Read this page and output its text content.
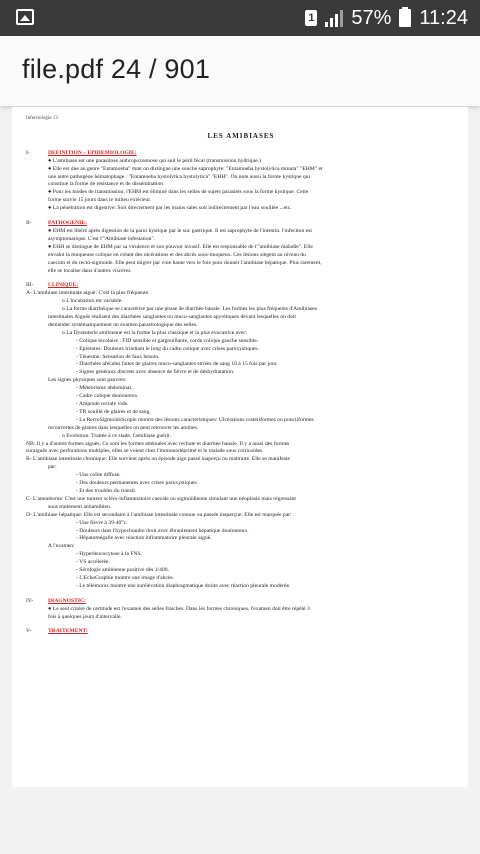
1 57% 11:24
file.pdf 24 / 901
Infectiologie 13
LES AMIBIASES
I-	DEFINITION – EPIDEMIOLOGIE:

● L'amibiase est une parasitose anthropozoonose qui suit le péril fécal (transmission hydrique.)

● Elle est due au genre "Entamoeba" dont on distingue une souche saprophyte: "Entamoeba hystolytica minuta" "EHM" et

une autre pathogène hématophage : "Entamoeba hystolytica hystolytica" "EHH". On note aussi la forme kystique qui

constitue la forme de résistance et de dissémination

● Pour les modes de transmission, l'EHM est éliminé dans les selles de sujets parasités sous la forme kystique. Cette

forme survie 15 jours dans le milieu extérieur.

● La pénétration est digestive: Soit directement par les mains sales soit indirectement par l'eau souillée ...etc.

II-	PATHOGENIE:

● EHM est libéré après digestion de la paroi kystique par le suc gastrique. Il est saprophyte de l'intestin. l'infection est

asymptomatique. C'est l'"Amibiase infestation".

● EHH se distingue de EHM par sa virulence et son pouvoir invasif. Elle est responsable de l'"amibiase maladie". Elle

envahit la muqueuse colique en créant des ulcérations et des abcès sous-muqueux. Ces lésions siègent au niveau du

caecum et du recto-sigmoïde. Elle peut migrer par voie haute vers le foie pour donner l'amibiase hépatique. Plus rarement,

elle se localise dans d'autres viscères.

III-	CLINIQUE:

A- L'amibiase intestinale aiguë: C'est la plus fréquente.

o L'incubation est variable.

o La forme diarrhéique se caractérise par une phase de diarrhée banale. Les formes les plus fréquents d'Amibiases

intestinales Aiguës réalisent des diarrhées sanglantes ou muco-sanglantes apyrétiques devant lesquelles on doit

demander systématiquement un examen parasitologique des selles.

o La Dysenterie amibienne est la forme la plus classique et la plus évocatrice avec:

- Colique bicolaire : FID sensible et gargouillante, corde colique gauche sensible.

- Epreintes: Douleurs irradiant le long du cadre colique avec crises paroxystiques.

- Ténesme: Sensation de faux besoin.

- Diarrhées afécales faites de glaires muco-sanglantes striées de sang 10 à 15 fois par jour.

- Signes généraux discrets avec absence de fièvre et de déshydratation.

Les signes physiques sont pauvres:

- Météorisme abdominal.

- Cadre colique douloureux.

- Ampoule rectale vide.

- TR souillé de glaires et de sang.

- La RectoSigmoïdoScopie montre des lésions caractéristiques: Ulcérations cratériformes ou punctiformes

recouvertes de glaires dans lesquelles on peut retrouver les amibes.

o Evolution: Traitée à ce stade, l'amibiase guérit.

NB: Il y a d'autres formes aiguës; Ce sont les formes atténuées avec rechute et diarrhée banale. Il y a aussi des formes

suraiguës avec perforations multiples, elles se voient chez l'immunodéprimé et le malade sous corticoïdes

B- L'amibiase intestinale chronique: Elle survient après un épisode aigu passé inaperçu ou maltraité. Elle se manifeste

par:

- Une colite diffuse.

- Des douleurs permanentes avec crises paroxystiques.

- Et des troubles du transit.

C- L'amoebome: C'est une tumeur scléro-inflammatoire caecale ou sigmoïdienne simulant une néoplasie mais régressant

sous traitement antiamibien.

D- L'amibiase hépatique: Elle est secondaire à l'amibiase intestinale connue ou passée inaperçue. Elle est marquée par:

- Une fièvre à 39-40°c.

- Douleurs dans l'hypochondre droit avec ébranlement hépatique douloureux.

- Hépatomégalie avec réaction inflammatoire pleurale aiguë.

A l'examen:

- Hyperleucocytose à la FNS.

- VS accélérée.

- Sérologie amibienne positive dès 1/400.

- L'EchoGraphie montre une image d'abcès.

- Le télémorax montre une surélévation diaphragmatique droite avec réaction pleurale modérée.

IV-	DIAGNOSTIC:

● Le seul critère de certitude est l'examen des selles fraîches. Dans les formes chroniques, l'examen doit être répété 3

fois à quelques jours d'intervalle.

V-	TRAITEMENT:
